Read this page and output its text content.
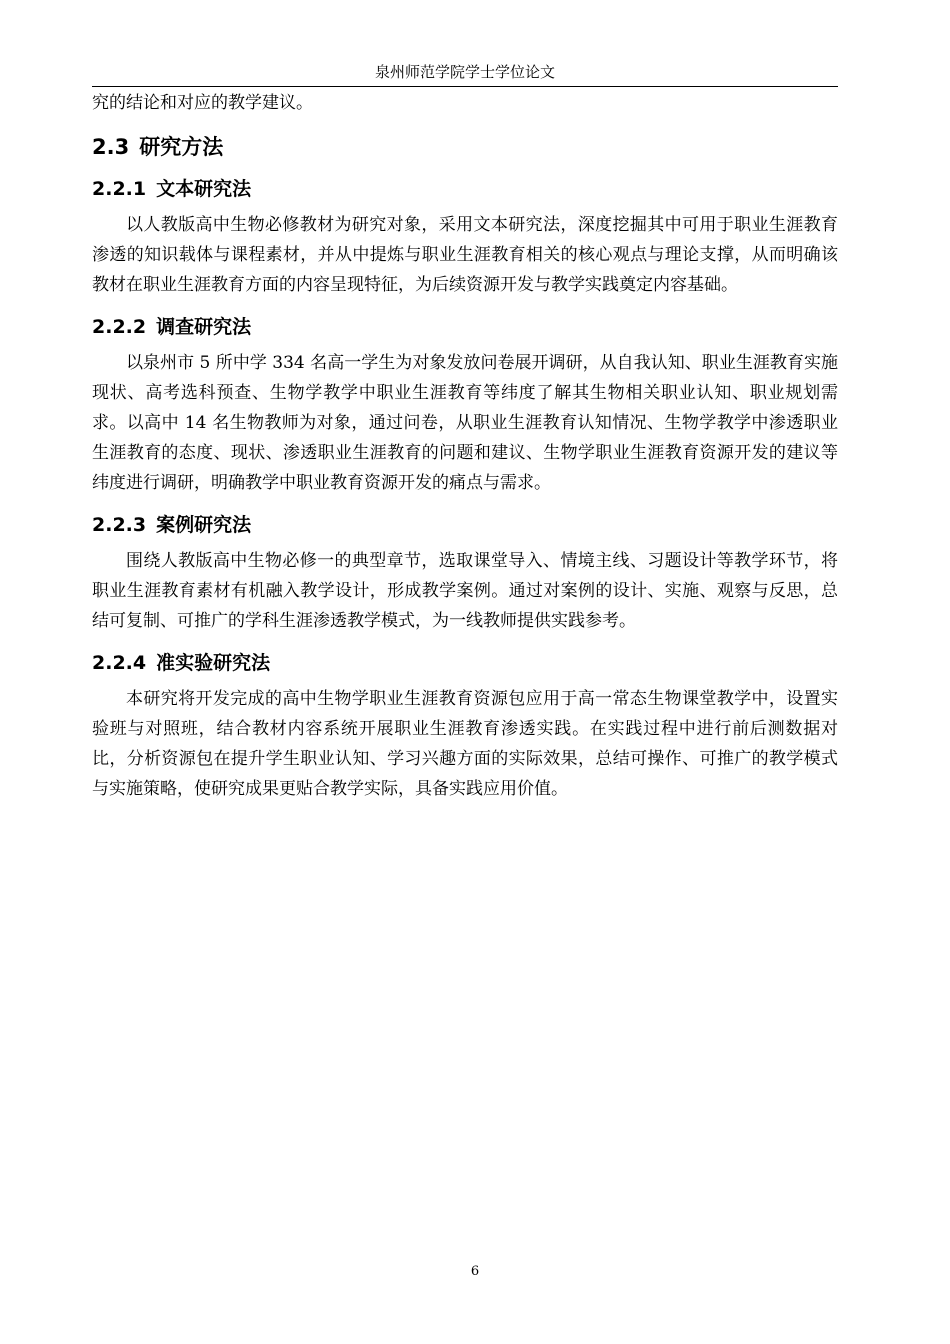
泉州师范学院学士学位论文

究的结论和对应的教学建议。

2.3 研究方法
2.2.1 文本研究法

以人教版高中生物必修教材为研究对象，采用文本研究法，深度挖掘其中可用于职业生涯教育渗透的知识载体与课程素材，并从中提炼与职业生涯教育相关的核心观点与理论支撑，从而明确该教材在职业生涯教育方面的内容呈现特征，为后续资源开发与教学实践奠定内容基础。

2.2.2 调查研究法

以泉州市 5 所中学 334 名高一学生为对象发放问卷展开调研，从自我认知、职业生涯教育实施现状、高考选科预查、生物学教学中职业生涯教育等纬度了解其生物相关职业认知、职业规划需求。以高中 14 名生物教师为对象，通过问卷，从职业生涯教育认知情况、生物学教学中渗透职业生涯教育的态度、现状、渗透职业生涯教育的问题和建议、生物学职业生涯教育资源开发的建议等纬度进行调研，明确教学中职业教育资源开发的痛点与需求。

2.2.3 案例研究法

围绕人教版高中生物必修一的典型章节，选取课堂导入、情境主线、习题设计等教学环节，将职业生涯教育素材有机融入教学设计，形成教学案例。通过对案例的设计、实施、观察与反思，总结可复制、可推广的学科生涯渗透教学模式，为一线教师提供实践参考。

2.2.4 准实验研究法

本研究将开发完成的高中生物学职业生涯教育资源包应用于高一常态生物课堂教学中，设置实验班与对照班，结合教材内容系统开展职业生涯教育渗透实践。在实践过程中进行前后测数据对比，分析资源包在提升学生职业认知、学习兴趣方面的实际效果，总结可操作、可推广的教学模式与实施策略，使研究成果更贴合教学实际，具备实践应用价值。

6
